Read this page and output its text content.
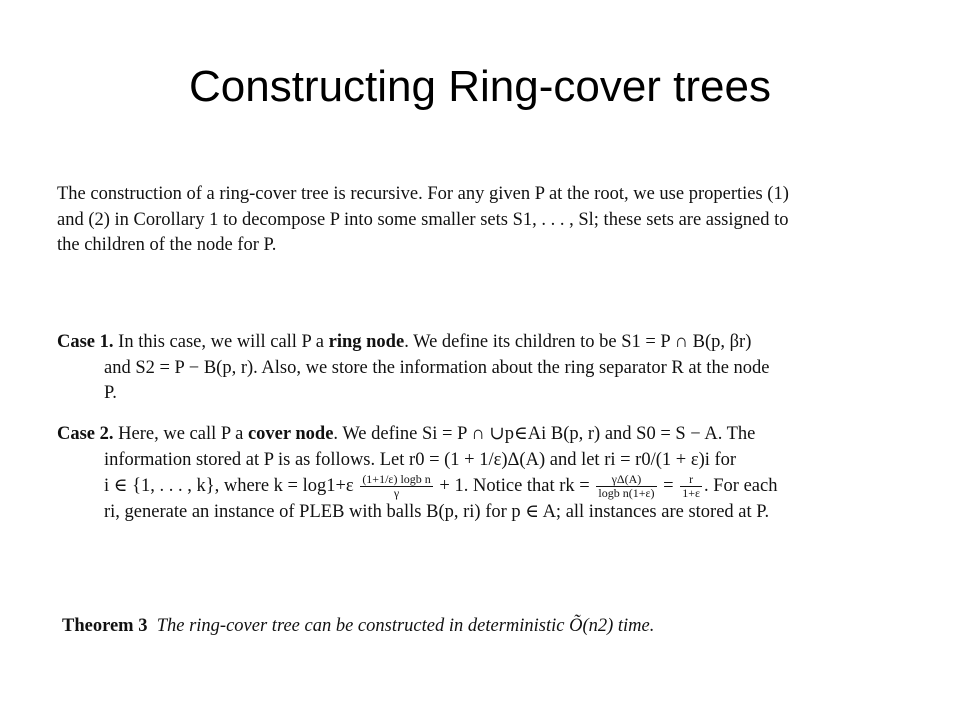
Constructing Ring-cover trees

The construction of a ring-cover tree is recursive. For any given P at the root, we use properties (1)

and (2) in Corollary 1 to decompose P into some smaller sets S1, . . . , Sl; these sets are assigned to

the children of the node for P.

Case 1. In this case, we will call P a ring node. We define its children to be S1 = P ∩ B(p, βr)
and S2 = P − B(p, r). Also, we store the information about the ring separator R at the node
P.
Case 2. Here, we call P a cover node. We define Si = P ∩ ∪p∈Ai B(p, r) and S0 = S − A. The
information stored at P is as follows. Let r0 = (1 + 1/ε)Δ(A) and let ri = r0/(1 + ε)i for
i ∈ {1, . . . , k}, where $k = \log 1+\varepsilon \frac{\text{(1+1/ε) logb n}}{\gamma} + 1$. Notice that rk = $\frac{\gamma\Delta(A)}{\text{logb n(1+ε)}} = \frac{r}{1+\varepsilon}$ . For each
ri, generate an instance of PLEB with balls B(p, ri) for p ∈ A; all instances are stored at P.
Theorem 3 The ring-cover tree can be constructed in deterministic Õ(n2) time.
